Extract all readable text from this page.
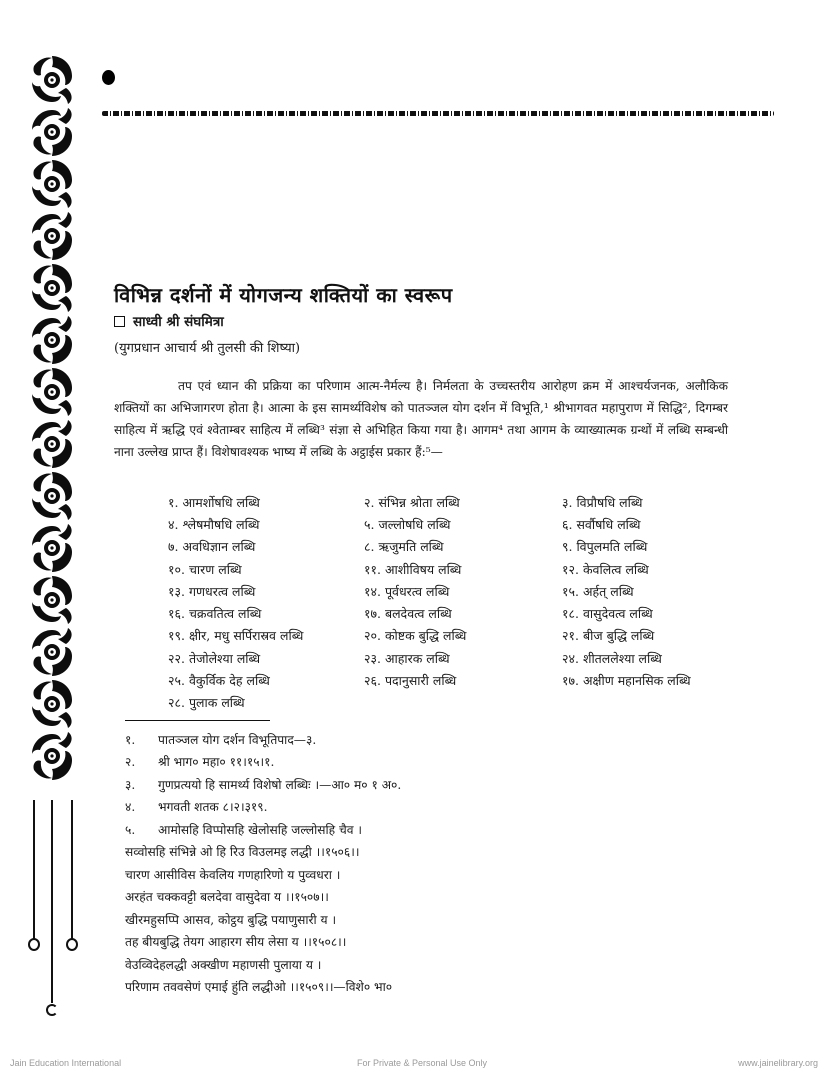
विभिन्न दर्शनों में योगजन्य शक्तियों का स्वरूप
साध्वी श्री संघमित्रा
(युगप्रधान आचार्य श्री तुलसी की शिष्या)
तप एवं ध्यान की प्रक्रिया का परिणाम आत्म-नैर्मल्य है। निर्मलता के उच्चस्तरीय आरोहण क्रम में आश्चर्यजनक, अलौकिक शक्तियों का अभिजागरण होता है। आत्मा के इस सामर्थ्यविशेष को पातञ्जल योग दर्शन में विभूति,¹ श्रीभागवत महापुराण में सिद्धि², दिगम्बर साहित्य में ऋद्धि एवं श्वेताम्बर साहित्य में लब्धि³ संज्ञा से अभिहित किया गया है। आगम⁴ तथा आगम के व्याख्यात्मक ग्रन्थों में लब्धि सम्बन्धी नाना उल्लेख प्राप्त हैं। विशेषावश्यक भाष्य में लब्धि के अट्ठाईस प्रकार हैं:⁵—
१. आमर्शोषधि लब्धि	२. संभिन्न श्रोता लब्धि	३. विप्रौषधि लब्धि
४. श्लेषमौषधि लब्धि	५. जल्लोषधि लब्धि	६. सर्वौषधि लब्धि
७. अवधिज्ञान लब्धि	८. ऋजुमति लब्धि	९. विपुलमति लब्धि
१०. चारण लब्धि	११. आशीविषय लब्धि	१२. केवलित्व लब्धि
१३. गणधरत्व लब्धि	१४. पूर्वधरत्व लब्धि	१५. अर्हत् लब्धि
१६. चक्रवतित्व लब्धि	१७. बलदेवत्व लब्धि	१८. वासुदेवत्व लब्धि
१९. क्षीर, मधु सर्पिरास्रव लब्धि	२०. कोष्टक बुद्धि लब्धि	२१. बीज बुद्धि लब्धि
२२. तेजोलेश्या लब्धि	२३. आहारक लब्धि	२४. शीतललेश्या लब्धि
२५. वैकुर्विक देह लब्धि	२६. पदानुसारी लब्धि	१७. अक्षीण महानसिक लब्धि
२८. पुलाक लब्धि
१.	पातञ्जल योग दर्शन विभूतिपाद—३.
२.	श्री भाग० महा० ११।१५।१.
३.	गुणप्रत्ययो हि सामर्थ्य विशेषो लब्धिः ।—आ० म० १ अ०.
४.	भगवती शतक ८।२।३१९.
५.	आमोसहि विप्पोसहि खेलोसहि जल्लोसहि चैव ।
सव्वोसहि संभिन्ने ओ हि रिउ विउलमइ लद्धी ।।१५०६।।
चारण आसीविस केवलिय गणहारिणो य पुव्वधरा ।
अरहंत चक्कवट्टी बलदेवा वासुदेवा य ।।१५०७।।
खीरमहुसप्पि आसव, कोट्ठय बुद्धि पयाणुसारी य ।
तह बीयबुद्धि तेयग आहारग सीय लेसा य ।।१५०८।।
वेउव्विदेहलद्धी अक्खीण महाणसी पुलाया य ।
परिणाम तववसेणं एमाई हुंति लद्धीओ ।।१५०९।।—विशे० भा०
Jain Education International	For Private & Personal Use Only	www.jainelibrary.org
